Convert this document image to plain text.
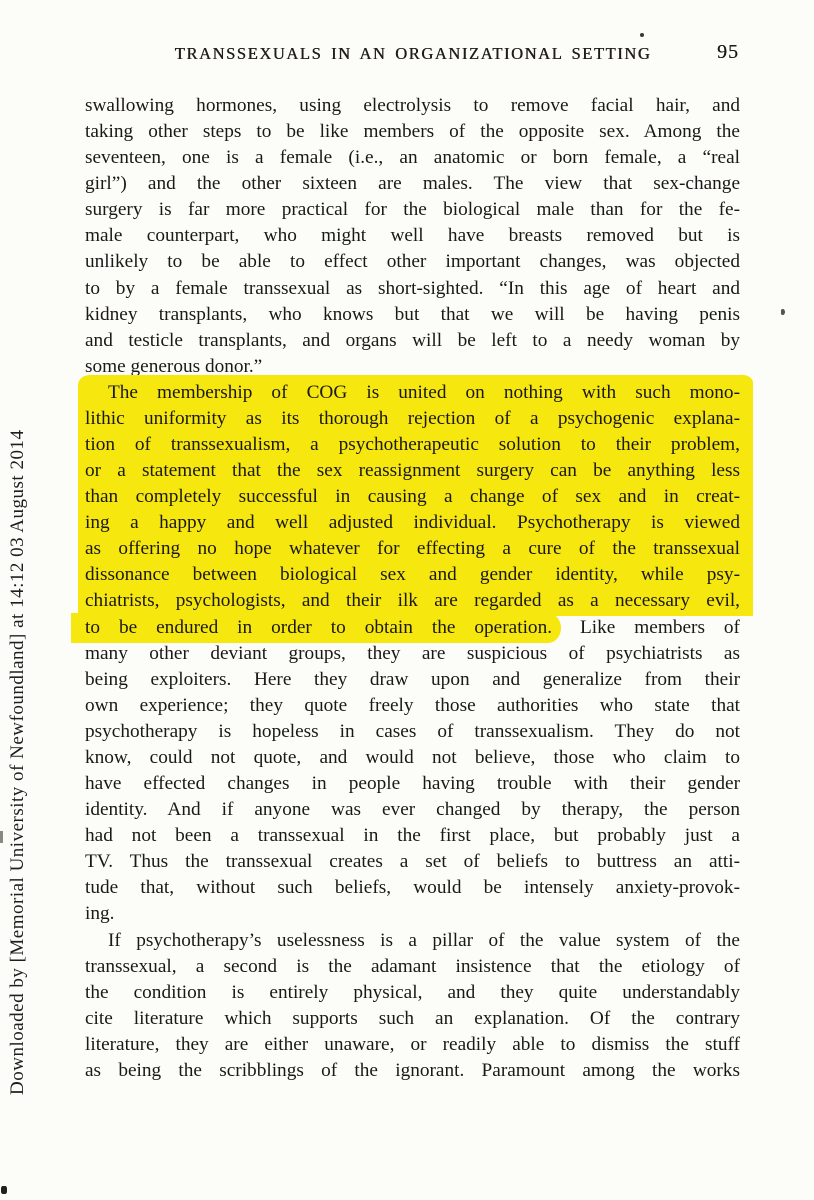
TRANSSEXUALS IN AN ORGANIZATIONAL SETTING	95
swallowing hormones, using electrolysis to remove facial hair, and
taking other steps to be like members of the opposite sex. Among the
seventeen, one is a female (i.e., an anatomic or born female, a “real
girl”) and the other sixteen are males. The view that sex-change
surgery is far more practical for the biological male than for the fe-
male counterpart, who might well have breasts removed but is
unlikely to be able to effect other important changes, was objected
to by a female transsexual as short-sighted. “In this age of heart and
kidney transplants, who knows but that we will be having penis
and testicle transplants, and organs will be left to a needy woman by
some generous donor.”
The membership of COG is united on nothing with such mono-
lithic uniformity as its thorough rejection of a psychogenic explana-
tion of transsexualism, a psychotherapeutic solution to their problem,
or a statement that the sex reassignment surgery can be anything less
than completely successful in causing a change of sex and in creat-
ing a happy and well adjusted individual. Psychotherapy is viewed
as offering no hope whatever for effecting a cure of the transsexual
dissonance between biological sex and gender identity, while psy-
chiatrists, psychologists, and their ilk are regarded as a necessary evil,
to be endured in order to obtain the operation. Like members of
many other deviant groups, they are suspicious of psychiatrists as
being exploiters. Here they draw upon and generalize from their
own experience; they quote freely those authorities who state that
psychotherapy is hopeless in cases of transsexualism. They do not
know, could not quote, and would not believe, those who claim to
have effected changes in people having trouble with their gender
identity. And if anyone was ever changed by therapy, the person
had not been a transsexual in the first place, but probably just a
TV. Thus the transsexual creates a set of beliefs to buttress an atti-
tude that, without such beliefs, would be intensely anxiety-provok-
ing.
If psychotherapy’s uselessness is a pillar of the value system of the
transsexual, a second is the adamant insistence that the etiology of
the condition is entirely physical, and they quite understandably
cite literature which supports such an explanation. Of the contrary
literature, they are either unaware, or readily able to dismiss the stuff
as being the scribblings of the ignorant. Paramount among the works
Downloaded by [Memorial University of Newfoundland] at 14:12 03 August 2014
